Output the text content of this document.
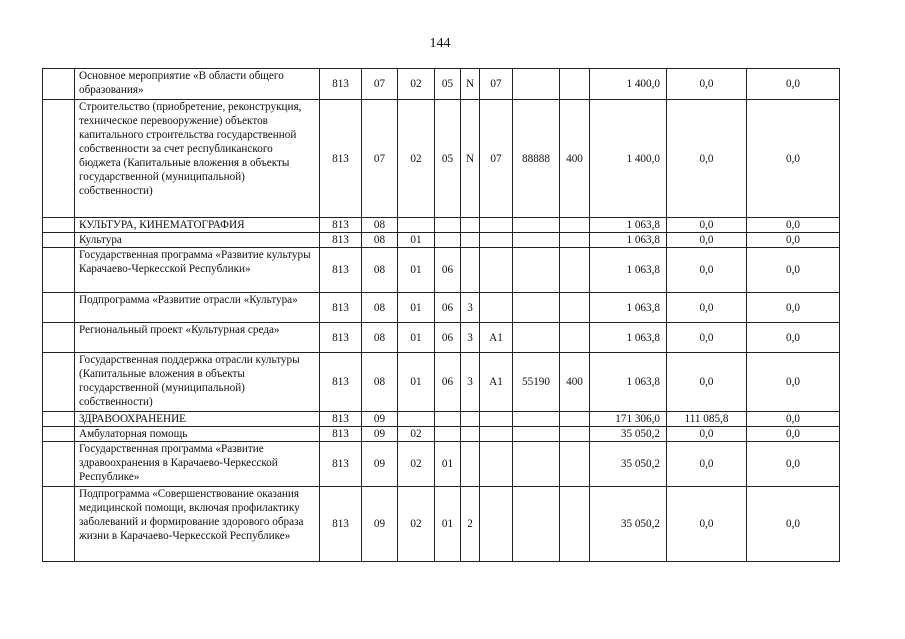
144
	Основное мероприятие «В области общего образования»	813	07	02	05	N	07			1 400,0	0,0	0,0
	Строительство (приобретение, реконструкция, техническое перевооружение) объектов капитального строительства государственной собственности за счет республиканского бюджета (Капитальные вложения в объекты государственной (муниципальной) собственности)	813	07	02	05	N	07	88888	400	1 400,0	0,0	0,0
	КУЛЬТУРА, КИНЕМАТОГРАФИЯ	813	08							1 063,8	0,0	0,0
	Культура	813	08	01						1 063,8	0,0	0,0
	Государственная программа «Развитие культуры Карачаево-Черкесской Республики»	813	08	01	06					1 063,8	0,0	0,0
	Подпрограмма «Развитие отрасли «Культура»	813	08	01	06	3				1 063,8	0,0	0,0
	Региональный проект «Культурная среда»	813	08	01	06	3	A1			1 063,8	0,0	0,0
	Государственная поддержка отрасли культуры (Капитальные вложения в объекты государственной (муниципальной) собственности)	813	08	01	06	3	A1	55190	400	1 063,8	0,0	0,0
	ЗДРАВООХРАНЕНИЕ	813	09							171 306,0	111 085,8	0,0
	Амбулаторная помощь	813	09	02						35 050,2	0,0	0,0
	Государственная программа «Развитие здравоохранения в Карачаево-Черкесской Республике»	813	09	02	01					35 050,2	0,0	0,0
	Подпрограмма «Совершенствование оказания медицинской помощи, включая профилактику заболеваний и формирование здорового образа жизни в Карачаево-Черкесской Республике»	813	09	02	01	2				35 050,2	0,0	0,0
